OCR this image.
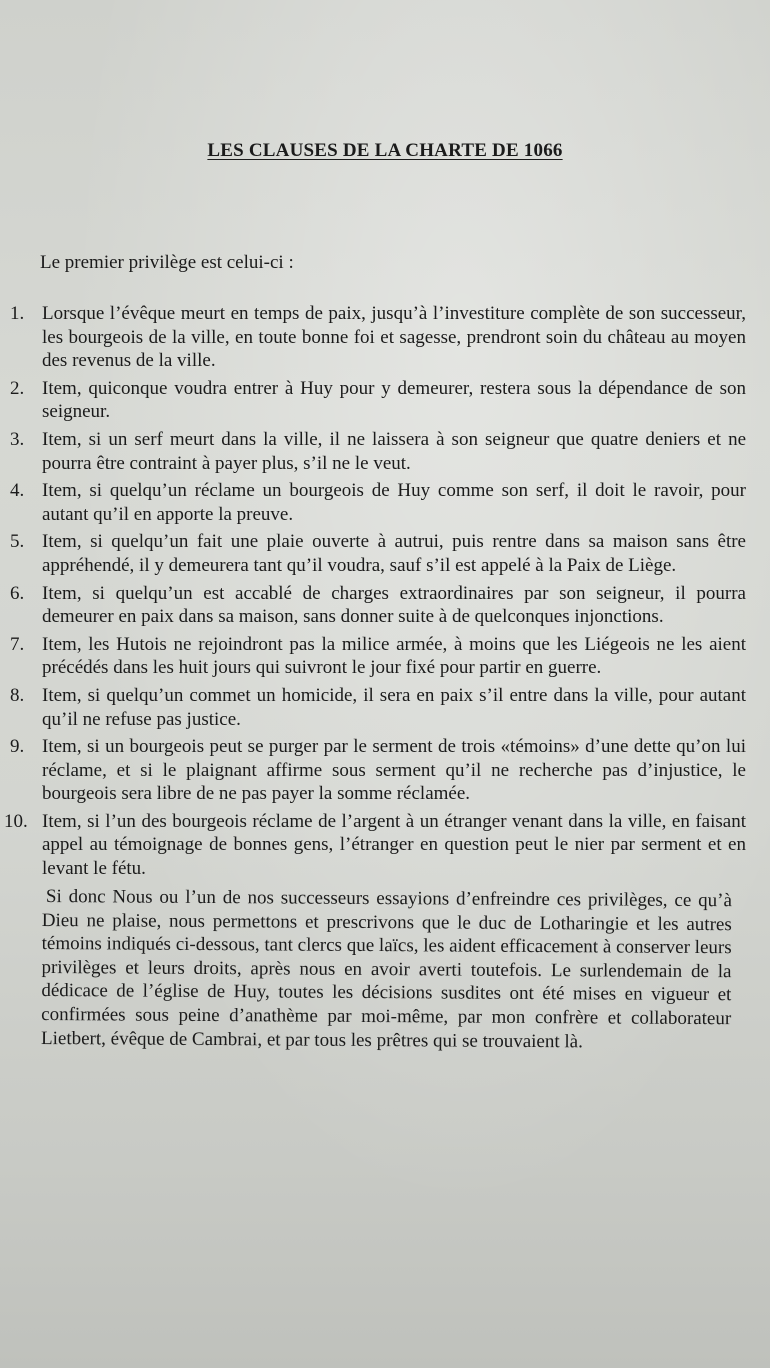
LES CLAUSES DE LA CHARTE DE 1066
Le premier privilège est celui-ci :
1. Lorsque l’évêque meurt en temps de paix, jusqu’à l’investiture complète de son successeur, les bourgeois de la ville, en toute bonne foi et sagesse, prendront soin du château au moyen des revenus de la ville.
2. Item, quiconque voudra entrer à Huy pour y demeurer, restera sous la dépendance de son seigneur.
3. Item, si un serf meurt dans la ville, il ne laissera à son seigneur que quatre deniers et ne pourra être contraint à payer plus, s’il ne le veut.
4. Item, si quelqu’un réclame un bourgeois de Huy comme son serf, il doit le ravoir, pour autant qu’il en apporte la preuve.
5. Item, si quelqu’un fait une plaie ouverte à autrui, puis rentre dans sa maison sans être appréhendé, il y demeurera tant qu’il voudra, sauf s’il est appelé à la Paix de Liège.
6. Item, si quelqu’un est accablé de charges extraordinaires par son seigneur, il pourra demeurer en paix dans sa maison, sans donner suite à de quelconques injonctions.
7. Item, les Hutois ne rejoindront pas la milice armée, à moins que les Liégeois ne les aient précédés dans les huit jours qui suivront le jour fixé pour partir en guerre.
8. Item, si quelqu’un commet un homicide, il sera en paix s’il entre dans la ville, pour autant qu’il ne refuse pas justice.
9. Item, si un bourgeois peut se purger par le serment de trois «témoins» d’une dette qu’on lui réclame, et si le plaignant affirme sous serment qu’il ne recherche pas d’injustice, le bourgeois sera libre de ne pas payer la somme réclamée.
10. Item, si l’un des bourgeois réclame de l’argent à un étranger venant dans la ville, en faisant appel au témoignage de bonnes gens, l’étranger en question peut le nier par serment et en levant le fétu.
Si donc Nous ou l’un de nos successeurs essayions d’enfreindre ces privilèges, ce qu’à Dieu ne plaise, nous permettons et prescrivons que le duc de Lotharingie et les autres témoins indiqués ci-dessous, tant clercs que laïcs, les aident efficacement à conserver leurs privilèges et leurs droits, après nous en avoir averti toutefois. Le surlendemain de la dédicace de l’église de Huy, toutes les décisions susdites ont été mises en vigueur et confirmées sous peine d’anathème par moi-même, par mon confrère et collaborateur Lietbert, évêque de Cambrai, et par tous les prêtres qui se trouvaient là.
